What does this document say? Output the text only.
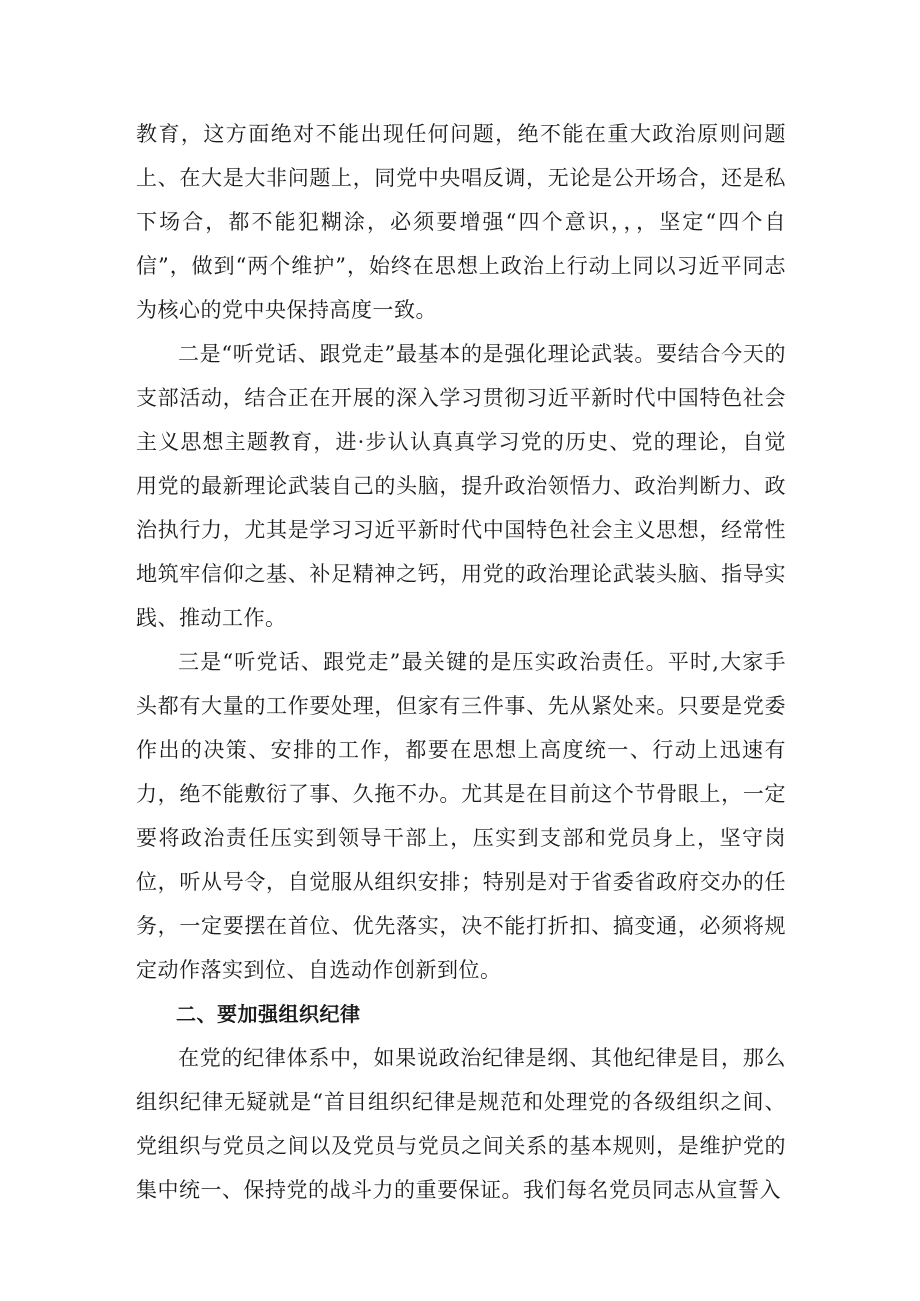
教育，这方面绝对不能出现任何问题，绝不能在重大政治原则问题上、在大是大非问题上，同党中央唱反调，无论是公开场合，还是私下场合，都不能犯糊涂，必须要增强“四个意识，，，坚定“四个自信”，做到“两个维护”，始终在思想上政治上行动上同以习近平同志为核心的党中央保持高度一致。

二是“听党话、跟党走”最基本的是强化理论武装。要结合今天的支部活动，结合正在开展的深入学习贯彻习近平新时代中国特色社会主义思想主题教育，进·步认认真真学习党的历史、党的理论，自觉用党的最新理论武装自己的头脑，提升政治领悟力、政治判断力、政治执行力，尤其是学习习近平新时代中国特色社会主义思想，经常性地筑牢信仰之基、补足精神之钙，用党的政治理论武装头脑、指导实践、推动工作。

三是“听党话、跟党走”最关键的是压实政治责任。平时,大家手头都有大量的工作要处理，但家有三件事、先从紧处来。只要是党委作出的决策、安排的工作，都要在思想上高度统一、行动上迅速有力，绝不能敷衍了事、久拖不办。尤其是在目前这个节骨眼上，一定要将政治责任压实到领导干部上，压实到支部和党员身上，坚守岗位，听从号令，自觉服从组织安排；特别是对于省委省政府交办的任务，一定要摆在首位、优先落实，决不能打折扣、搞变通，必须将规定动作落实到位、自选动作创新到位。

二、要加强组织纪律

在党的纪律体系中，如果说政治纪律是纲、其他纪律是目，那么组织纪律无疑就是“首目组织纪律是规范和处理党的各级组织之间、党组织与党员之间以及党员与党员之间关系的基本规则，是维护党的集中统一、保持党的战斗力的重要保证。我们每名党员同志从宣誓入
